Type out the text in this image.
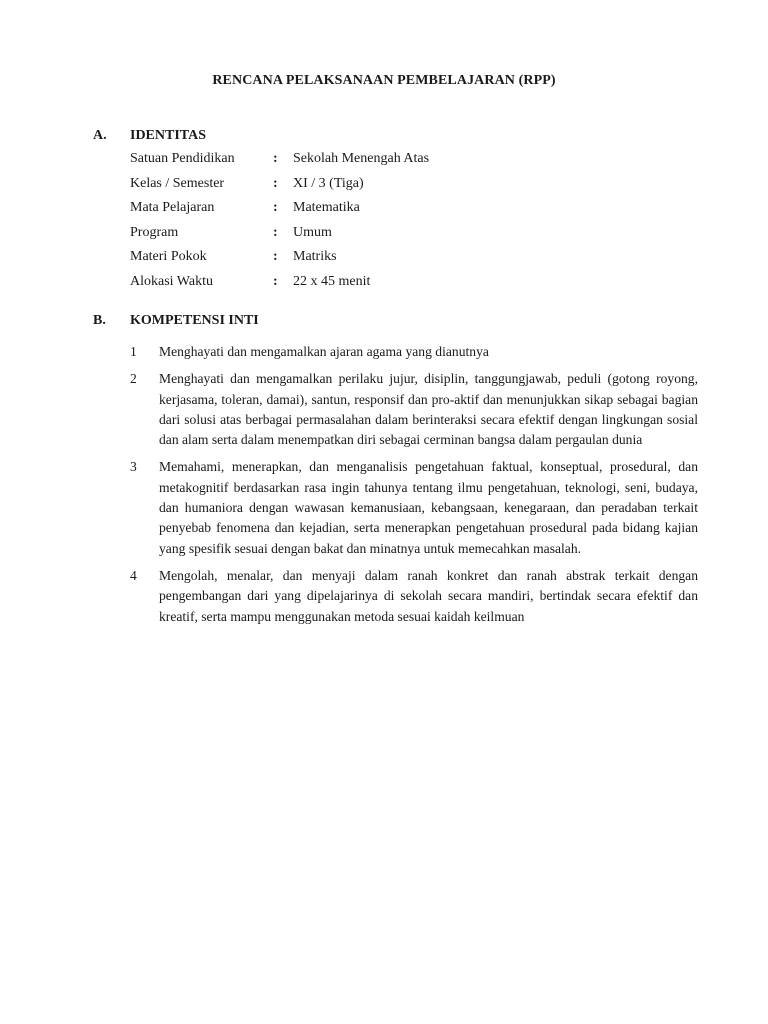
RENCANA PELAKSANAAN PEMBELAJARAN (RPP)
A. IDENTITAS
Satuan Pendidikan	:	Sekolah Menengah Atas
Kelas / Semester	:	XI / 3 (Tiga)
Mata Pelajaran	:	Matematika
Program	:	Umum
Materi Pokok	:	Matriks
Alokasi Waktu	:	22 x 45 menit
B. KOMPETENSI INTI
1	Menghayati dan mengamalkan ajaran agama yang dianutnya
2	Menghayati dan mengamalkan perilaku jujur, disiplin, tanggungjawab, peduli (gotong royong, kerjasama, toleran, damai), santun, responsif dan pro-aktif dan menunjukkan sikap sebagai bagian dari solusi atas berbagai permasalahan dalam berinteraksi secara efektif dengan lingkungan sosial dan alam serta dalam menempatkan diri sebagai cerminan bangsa dalam pergaulan dunia
3	Memahami, menerapkan, dan menganalisis pengetahuan faktual, konseptual, prosedural, dan metakognitif berdasarkan rasa ingin tahunya tentang ilmu pengetahuan, teknologi, seni, budaya, dan humaniora dengan wawasan kemanusiaan, kebangsaan, kenegaraan, dan peradaban terkait penyebab fenomena dan kejadian, serta menerapkan pengetahuan prosedural pada bidang kajian yang spesifik sesuai dengan bakat dan minatnya untuk memecahkan masalah.
4	Mengolah, menalar, dan menyaji dalam ranah konkret dan ranah abstrak terkait dengan pengembangan dari yang dipelajarinya di sekolah secara mandiri, bertindak secara efektif dan kreatif, serta mampu menggunakan metoda sesuai kaidah keilmuan
